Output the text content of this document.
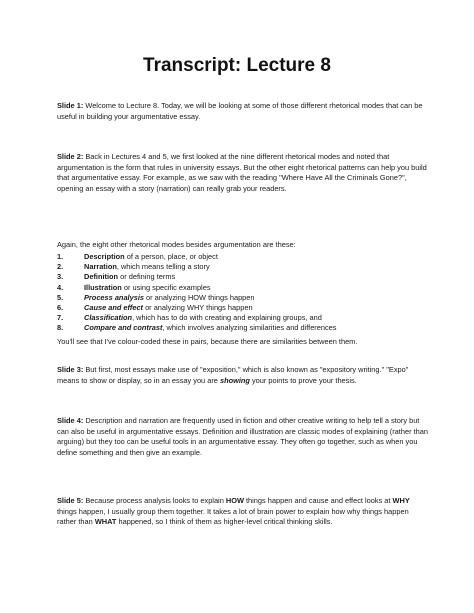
Transcript: Lecture 8

Slide 1: Welcome to Lecture 8. Today, we will be looking at some of those different rhetorical modes that can be useful in building your argumentative essay.

Slide 2: Back in Lectures 4 and 5, we first looked at the nine different rhetorical modes and noted that argumentation is the form that rules in university essays. But the other eight rhetorical patterns can help you build that argumentative essay. For example, as we saw with the reading "Where Have All the Criminals Gone?", opening an essay with a story (narration) can really grab your readers.

Again, the eight other rhetorical modes besides argumentation are these:

1.	Description of a person, place, or object
2.	Narration, which means telling a story
3.	Definition or defining terms
4.	Illustration or using specific examples
5.	Process analysis or analyzing HOW things happen
6.	Cause and effect or analyzing WHY things happen
7.	Classification, which has to do with creating and explaining groups, and
8.	Compare and contrast, which involves analyzing similarities and differences

You'll see that I've colour-coded these in pairs, because there are similarities between them.

Slide 3: But first, most essays make use of "exposition," which is also known as "expository writing." "Expo" means to show or display, so in an essay you are showing your points to prove your thesis.

Slide 4: Description and narration are frequently used in fiction and other creative writing to help tell a story but can also be useful in argumentative essays. Definition and illustration are classic modes of explaining (rather than arguing) but they too can be useful tools in an argumentative essay. They often go together, such as when you define something and then give an example.

Slide 5: Because process analysis looks to explain HOW things happen and cause and effect looks at WHY things happen, I usually group them together. It takes a lot of brain power to explain how why things happen rather than WHAT happened, so I think of them as higher-level critical thinking skills.
